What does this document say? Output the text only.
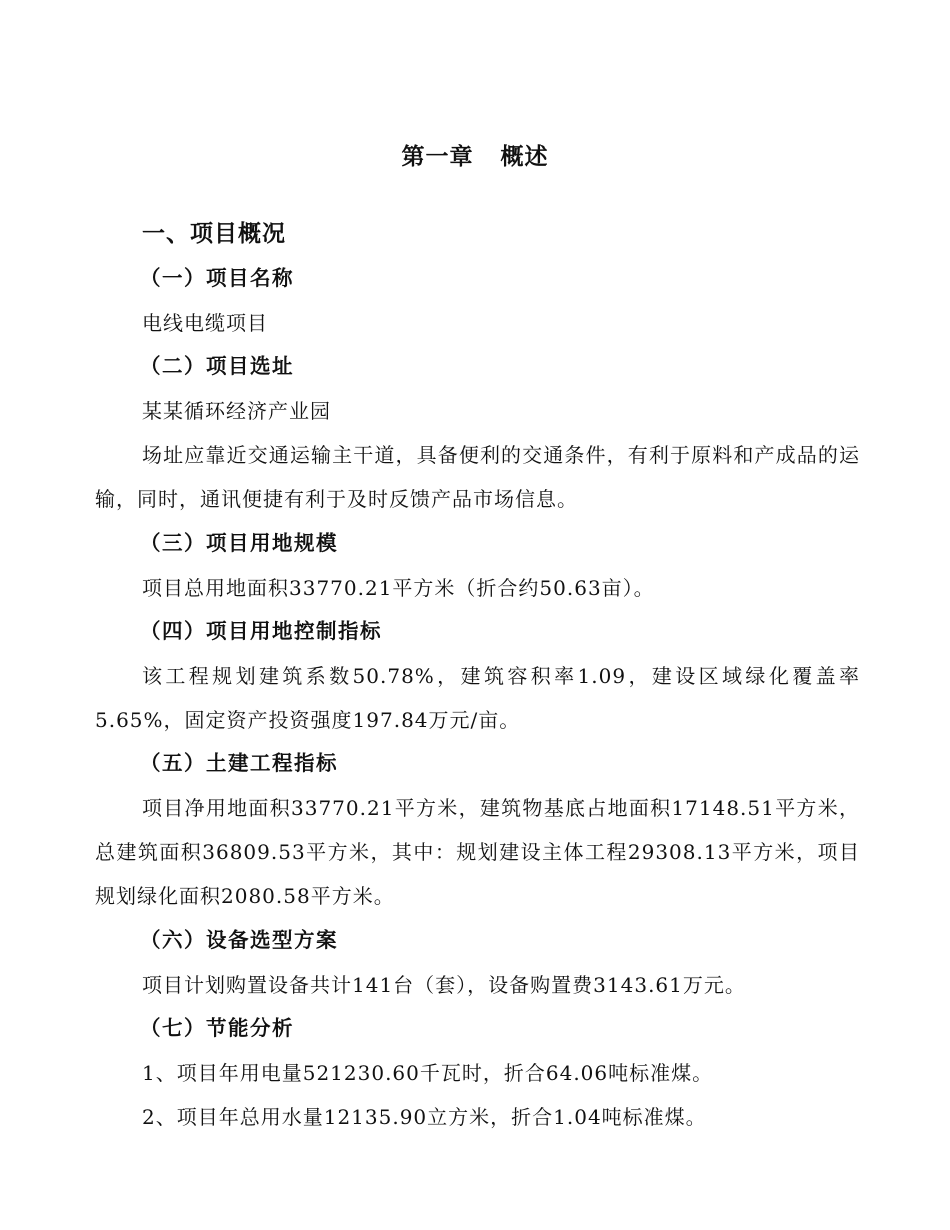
第一章 概述
一、项目概况
（一）项目名称
电线电缆项目
（二）项目选址
某某循环经济产业园
场址应靠近交通运输主干道，具备便利的交通条件，有利于原料和产成品的运输，同时，通讯便捷有利于及时反馈产品市场信息。
（三）项目用地规模
项目总用地面积33770.21平方米（折合约50.63亩）。
（四）项目用地控制指标
该工程规划建筑系数50.78%，建筑容积率1.09，建设区域绿化覆盖率5.65%，固定资产投资强度197.84万元/亩。
（五）土建工程指标
项目净用地面积33770.21平方米，建筑物基底占地面积17148.51平方米，总建筑面积36809.53平方米，其中：规划建设主体工程29308.13平方米，项目规划绿化面积2080.58平方米。
（六）设备选型方案
项目计划购置设备共计141台（套），设备购置费3143.61万元。
（七）节能分析
1、项目年用电量521230.60千瓦时，折合64.06吨标准煤。
2、项目年总用水量12135.90立方米，折合1.04吨标准煤。
